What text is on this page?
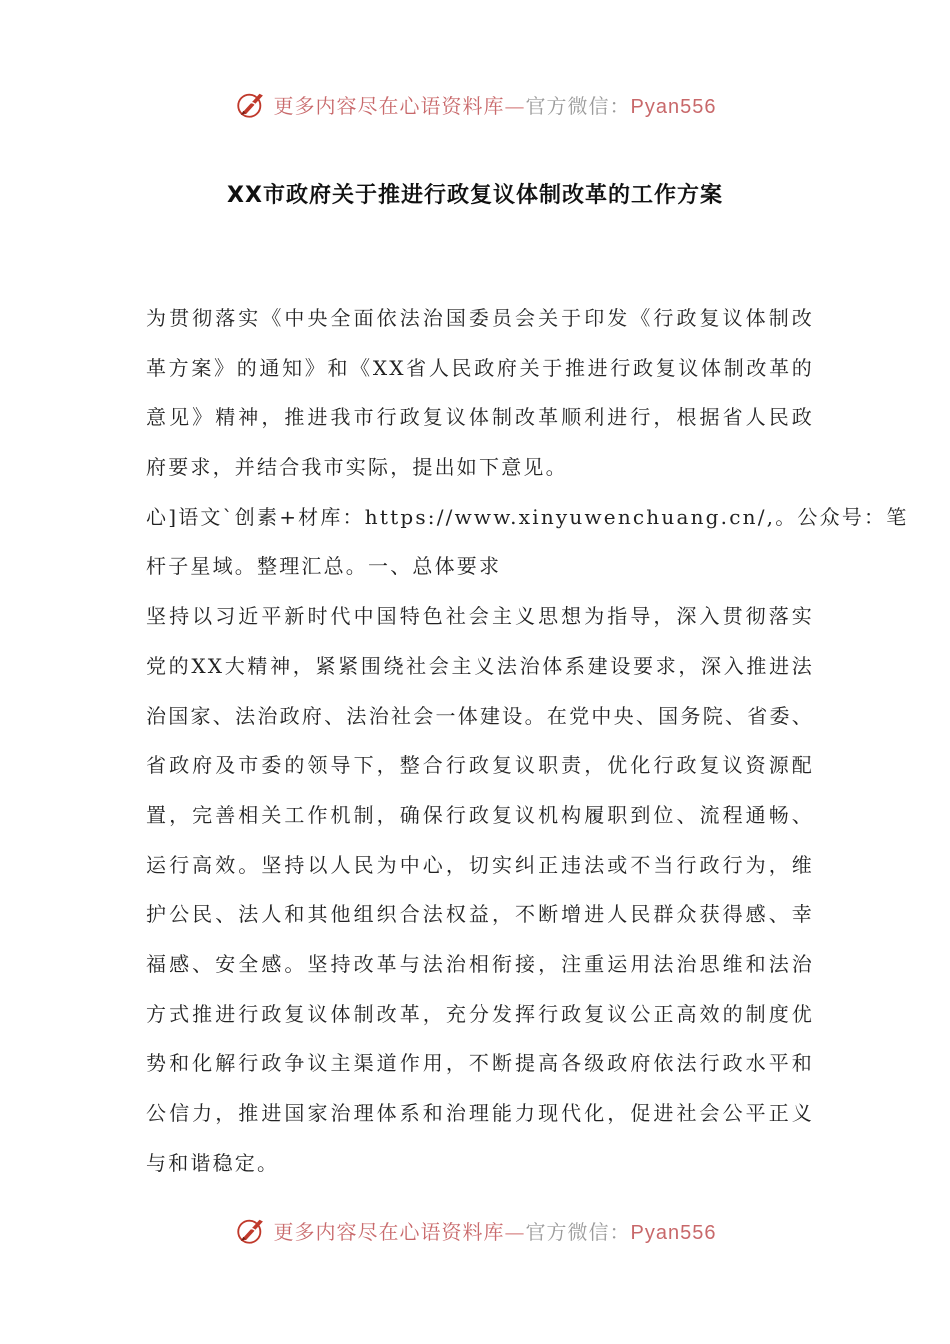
更多内容尽在心语资料库—官方微信：Pyan556
XX市政府关于推进行政复议体制改革的工作方案
为贯彻落实《中央全面依法治国委员会关于印发《行政复议体制改
革方案》的通知》和《XX省人民政府关于推进行政复议体制改革的
意见》精神，推进我市行政复议体制改革顺利进行，根据省人民政
府要求，并结合我市实际，提出如下意见。
心]语文`创素+材库：https://www.xinyuwenchuang.cn/,。公众号：笔
杆子星域。整理汇总。一、总体要求
坚持以习近平新时代中国特色社会主义思想为指导，深入贯彻落实
党的XX大精神，紧紧围绕社会主义法治体系建设要求，深入推进法
治国家、法治政府、法治社会一体建设。在党中央、国务院、省委、
省政府及市委的领导下，整合行政复议职责，优化行政复议资源配
置，完善相关工作机制，确保行政复议机构履职到位、流程通畅、
运行高效。坚持以人民为中心，切实纠正违法或不当行政行为，维
护公民、法人和其他组织合法权益，不断增进人民群众获得感、幸
福感、安全感。坚持改革与法治相衔接，注重运用法治思维和法治
方式推进行政复议体制改革，充分发挥行政复议公正高效的制度优
势和化解行政争议主渠道作用，不断提高各级政府依法行政水平和
公信力，推进国家治理体系和治理能力现代化，促进社会公平正义
与和谐稳定。
更多内容尽在心语资料库—官方微信：Pyan556
